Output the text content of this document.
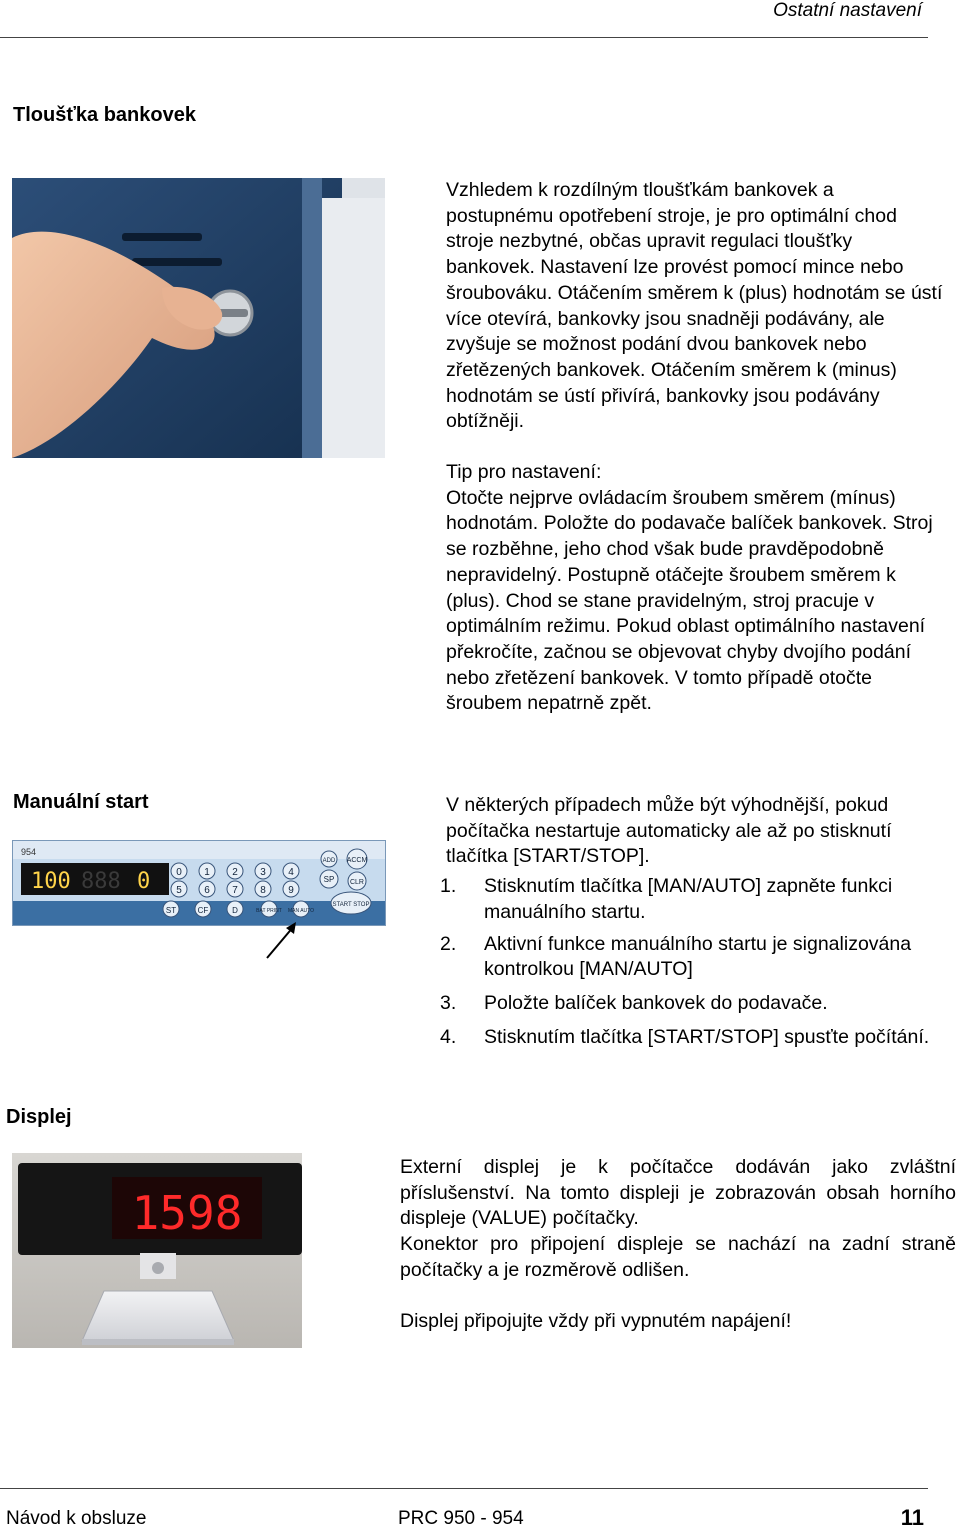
Ostatní nastavení
Tloušťka bankovek

Vzhledem k rozdílným tloušťkám bankovek a postupnému opotřebení stroje, je pro optimální chod stroje nezbytné, občas upravit regulaci tloušťky bankovek. Nastavení lze provést pomocí mince nebo šroubováku. Otáčením směrem k (plus) hodnotám se ústí více otevírá, bankovky jsou snadněji podávány, ale zvyšuje se možnost podání dvou bankovek nebo zřetězených bankovek. Otáčením směrem k (minus) hodnotám se ústí přivírá, bankovky jsou podávány obtížněji.

Tip pro nastavení:

Otočte nejprve ovládacím šroubem směrem (mínus) hodnotám. Položte do podavače balíček bankovek. Stroj se rozběhne, jeho chod však bude pravděpodobně nepravidelný. Postupně otáčejte šroubem směrem k (plus). Chod se stane pravidelným, stroj pracuje v optimálním režimu. Pokud oblast optimálního nastavení překročíte, začnou se objevovat chyby dvojího podání nebo zřetězení bankovek. V tomto případě otočte šroubem nepatrně zpět.

Manuální start
954
100 888 0	0 1 2 3 4
5 6 7 8 9
ST	CF	D	BAT PRINT MAN AUTO
ADD ACCM
SP CLR
START STOP

V některých případech může být výhodnější, pokud počítačka nestartuje automaticky ale až po stisknutí tlačítka [START/STOP].

1.	Stisknutím tlačítka [MAN/AUTO] zapněte funkci manuálního startu.
2.	Aktivní funkce manuálního startu je signalizována kontrolkou [MAN/AUTO]
3.	Položte balíček bankovek do podavače.
4.	Stisknutím tlačítka [START/STOP] spusťte počítání.
Displej
1598

Externí displej je k počítačce dodáván jako zvláštní příslušenství. Na tomto displeji je zobrazován obsah horního displeje (VALUE) počítačky.

Konektor pro připojení displeje se nachází na zadní straně počítačky a je rozměrově odlišen.

Displej připojujte vždy při vypnutém napájení!

Návod k obsluze	PRC 950 - 954	11
